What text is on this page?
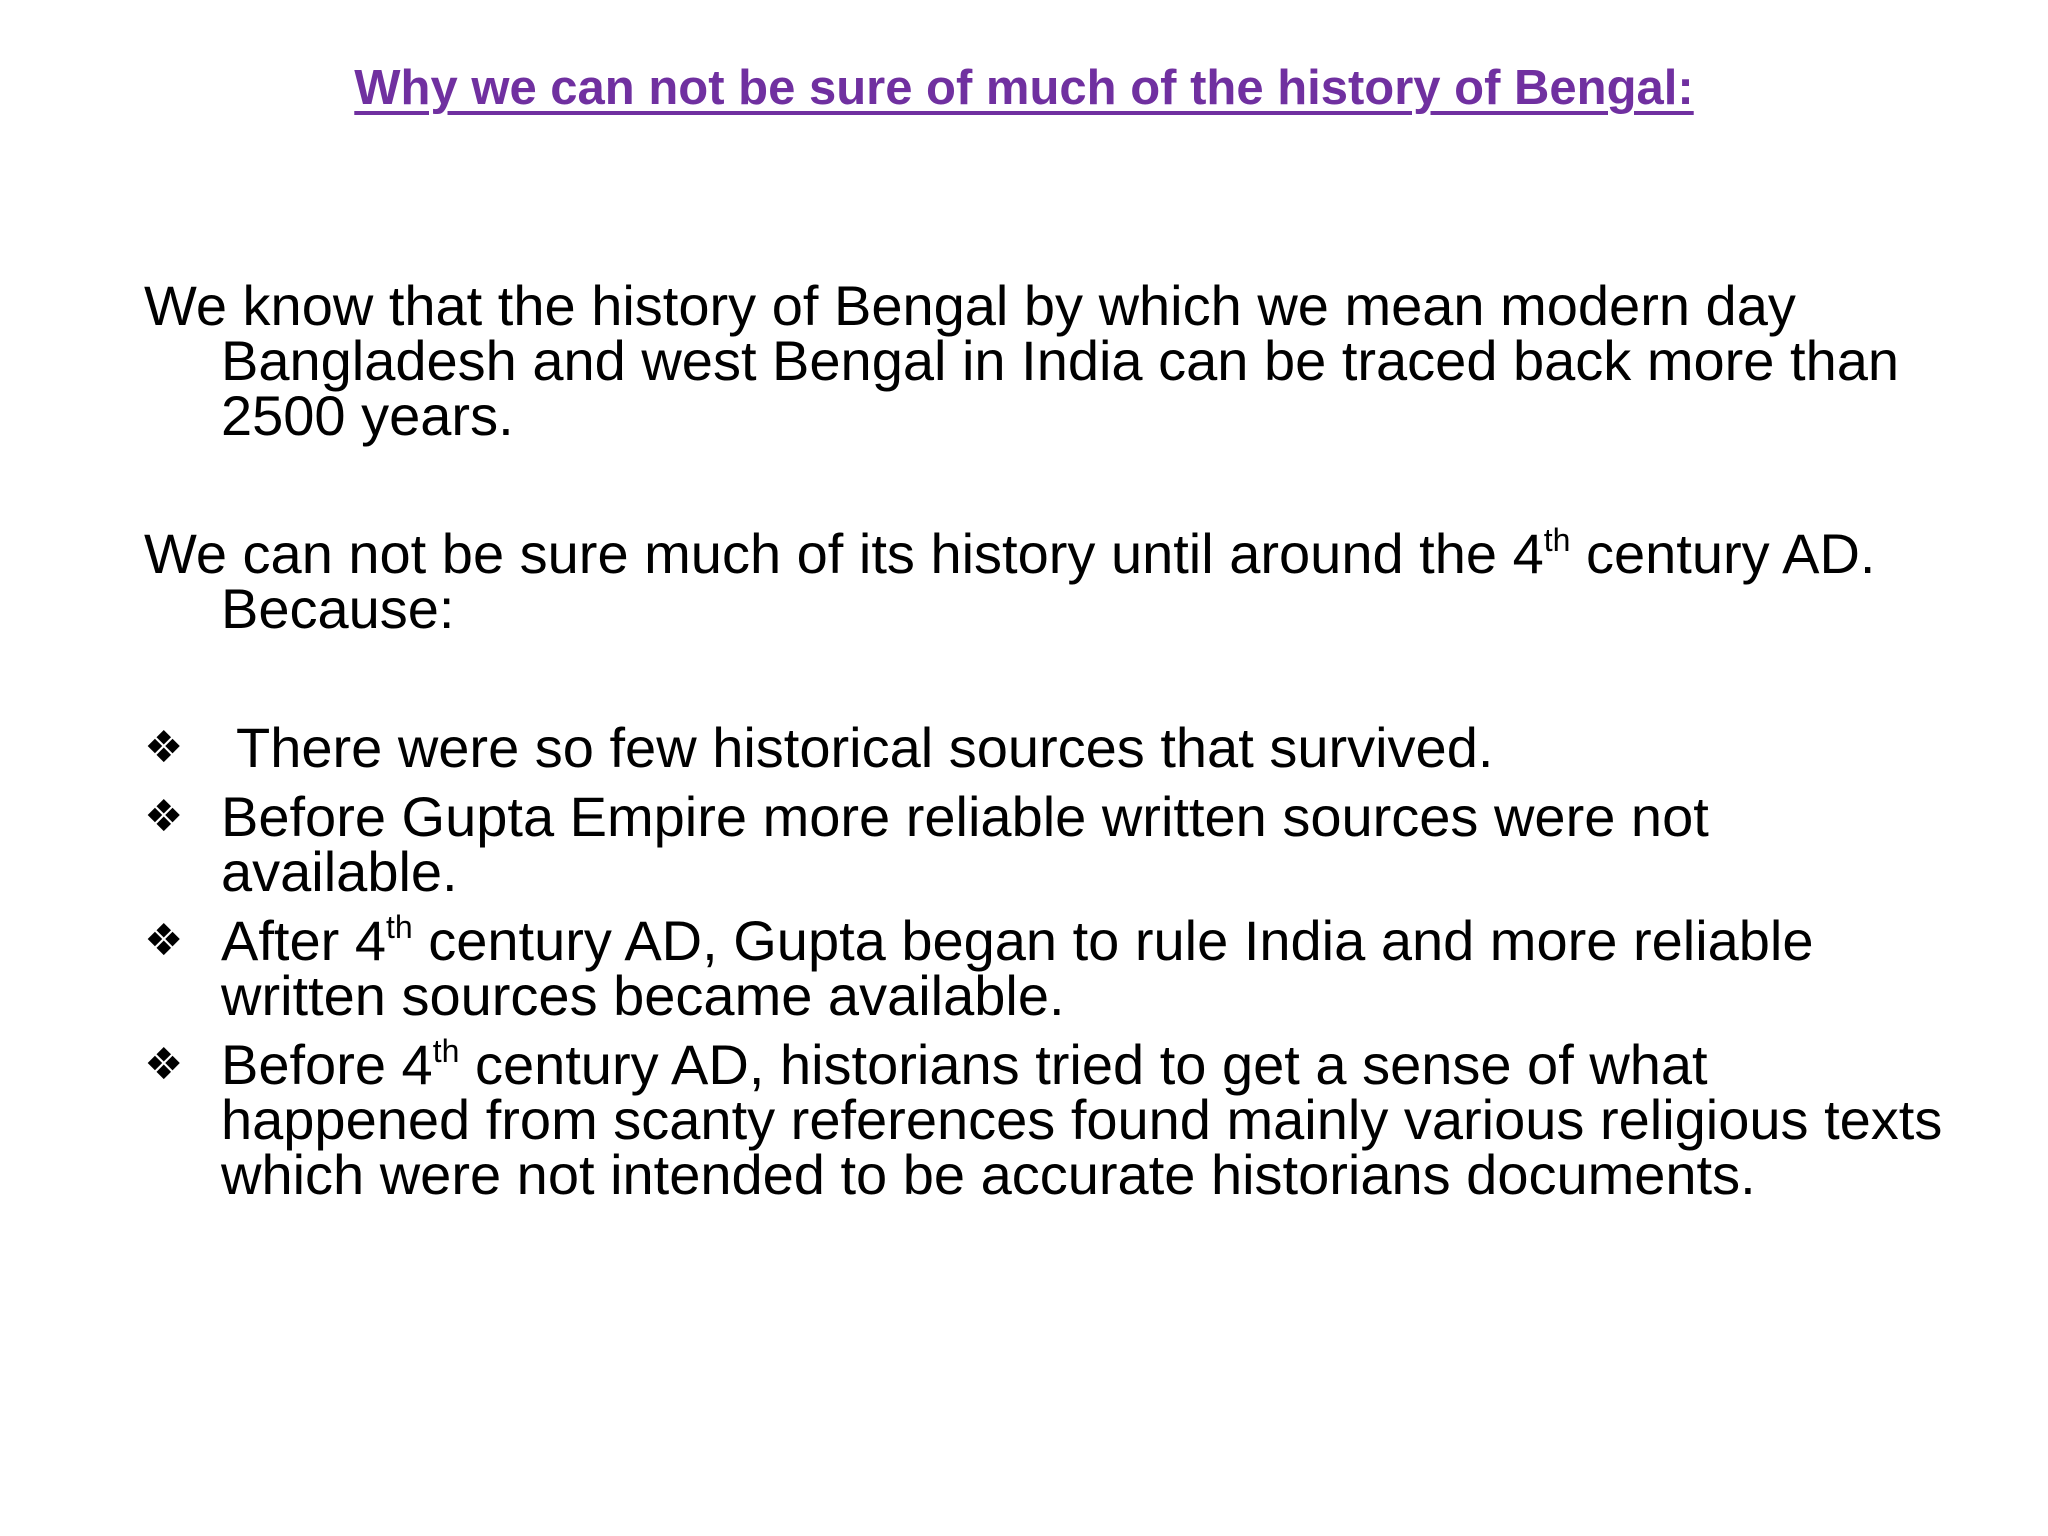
Why we can not be sure of much of the history of Bengal:

We know that the history of Bengal by which we mean modern day Bangladesh and west Bengal in India can be traced back more than 2500 years.

We can not be sure much of its history until around the 4th century AD. Because:

❖ There were so few historical sources that survived.
❖ Before Gupta Empire more reliable written sources were not available.
❖ After 4th century AD, Gupta began to rule India and more reliable written sources became available.
❖ Before 4th century AD, historians tried to get a sense of what happened from scanty references found mainly various religious texts which were not intended to be accurate historians documents.
